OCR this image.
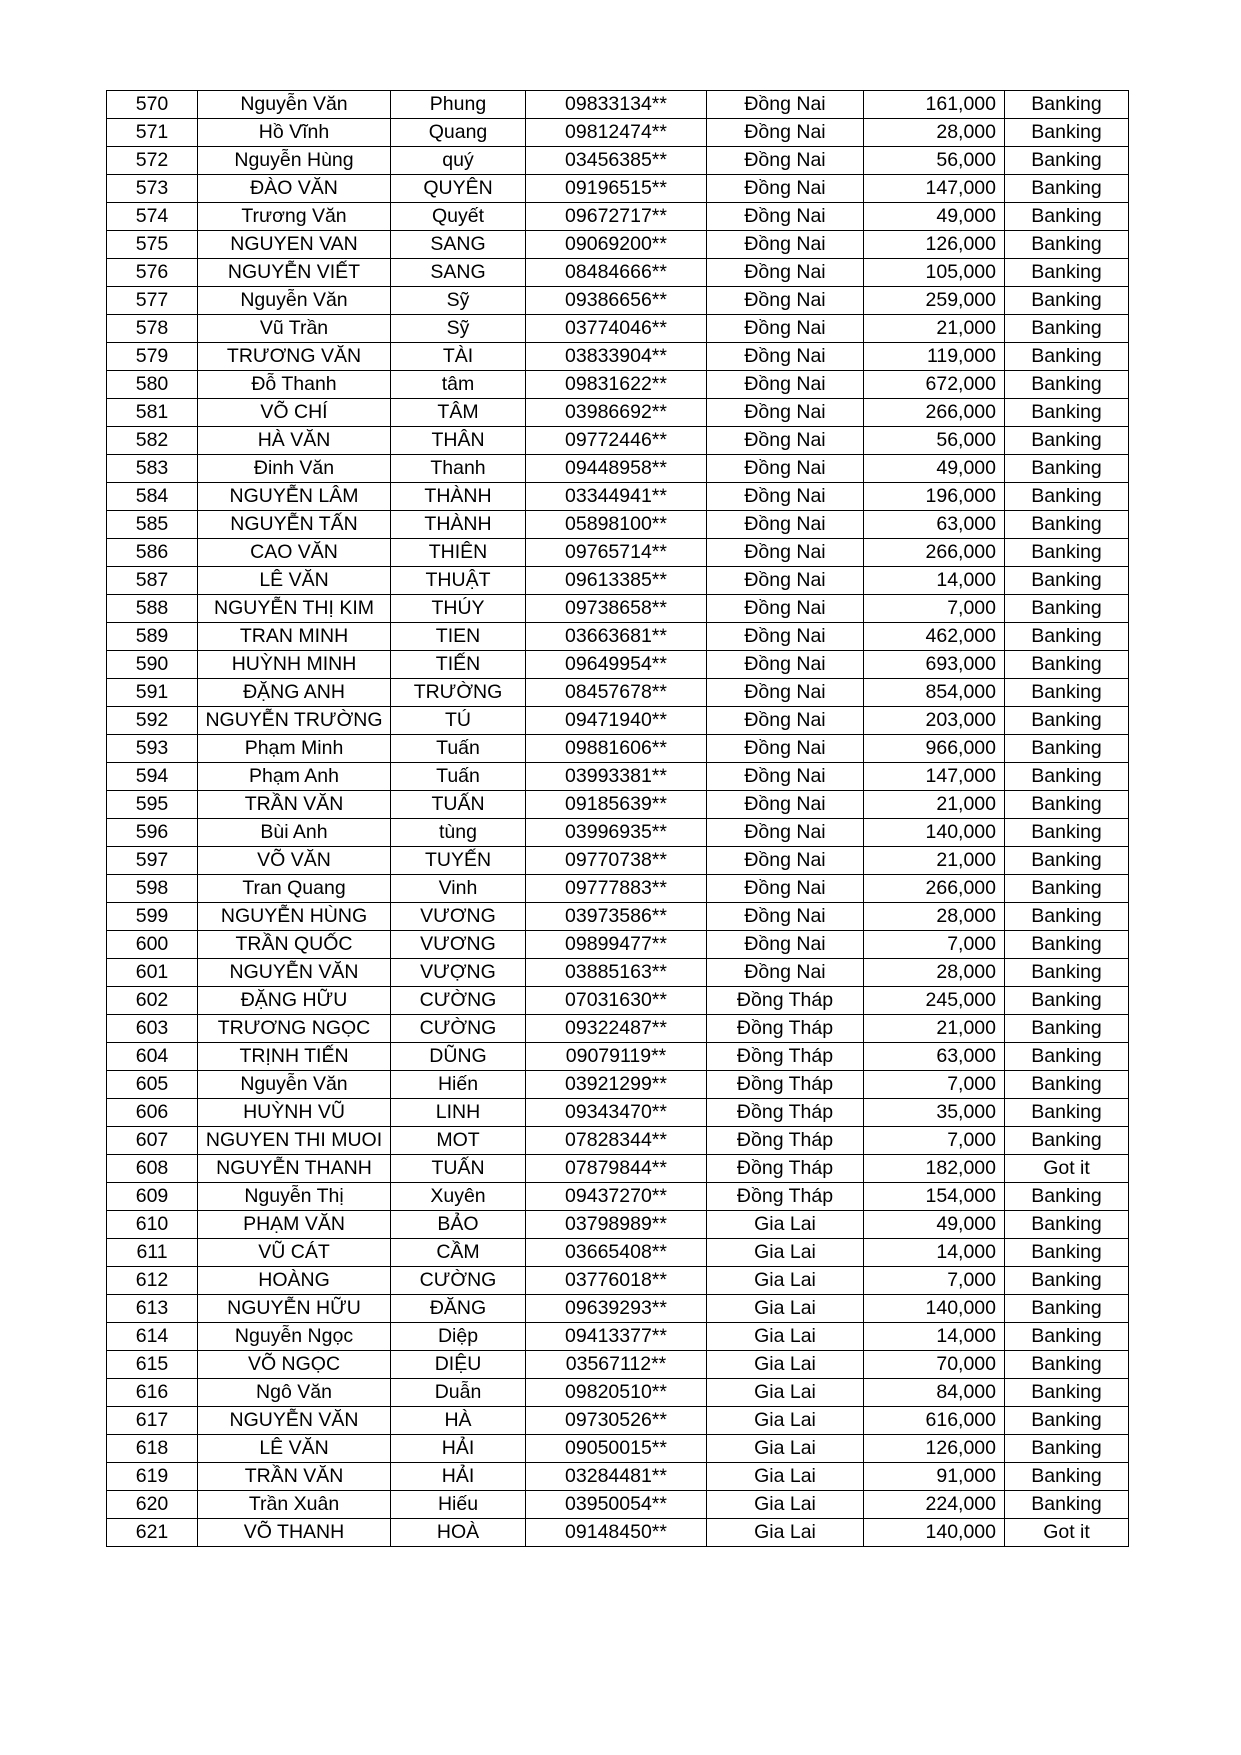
570	Nguyễn Văn	Phung	09833134**	Đồng Nai	161,000	Banking
571	Hồ Vĩnh	Quang	09812474**	Đồng Nai	28,000	Banking
572	Nguyễn Hùng	quý	03456385**	Đồng Nai	56,000	Banking
573	ĐÀO VĂN	QUYÊN	09196515**	Đồng Nai	147,000	Banking
574	Trương Văn	Quyết	09672717**	Đồng Nai	49,000	Banking
575	NGUYEN VAN	SANG	09069200**	Đồng Nai	126,000	Banking
576	NGUYỄN VIẾT	SANG	08484666**	Đồng Nai	105,000	Banking
577	Nguyễn Văn	Sỹ	09386656**	Đồng Nai	259,000	Banking
578	Vũ Trần	Sỹ	03774046**	Đồng Nai	21,000	Banking
579	TRƯƠNG VĂN	TÀI	03833904**	Đồng Nai	119,000	Banking
580	Đỗ Thanh	tâm	09831622**	Đồng Nai	672,000	Banking
581	VÕ CHÍ	TÂM	03986692**	Đồng Nai	266,000	Banking
582	HÀ VĂN	THÂN	09772446**	Đồng Nai	56,000	Banking
583	Đinh Văn	Thanh	09448958**	Đồng Nai	49,000	Banking
584	NGUYỄN LÂM	THÀNH	03344941**	Đồng Nai	196,000	Banking
585	NGUYỄN TẤN	THÀNH	05898100**	Đồng Nai	63,000	Banking
586	CAO VĂN	THIÊN	09765714**	Đồng Nai	266,000	Banking
587	LÊ VĂN	THUẬT	09613385**	Đồng Nai	14,000	Banking
588	NGUYỄN THỊ KIM	THÚY	09738658**	Đồng Nai	7,000	Banking
589	TRAN MINH	TIEN	03663681**	Đồng Nai	462,000	Banking
590	HUỲNH MINH	TIẾN	09649954**	Đồng Nai	693,000	Banking
591	ĐẶNG ANH	TRƯỜNG	08457678**	Đồng Nai	854,000	Banking
592	NGUYỄN TRƯỜNG	TÚ	09471940**	Đồng Nai	203,000	Banking
593	Phạm Minh	Tuấn	09881606**	Đồng Nai	966,000	Banking
594	Phạm Anh	Tuấn	03993381**	Đồng Nai	147,000	Banking
595	TRẦN VĂN	TUẤN	09185639**	Đồng Nai	21,000	Banking
596	Bùi Anh	tùng	03996935**	Đồng Nai	140,000	Banking
597	VÕ VĂN	TUYẾN	09770738**	Đồng Nai	21,000	Banking
598	Tran Quang	Vinh	09777883**	Đồng Nai	266,000	Banking
599	NGUYỄN HÙNG	VƯƠNG	03973586**	Đồng Nai	28,000	Banking
600	TRẦN QUỐC	VƯƠNG	09899477**	Đồng Nai	7,000	Banking
601	NGUYỄN VĂN	VƯỢNG	03885163**	Đồng Nai	28,000	Banking
602	ĐẶNG HỮU	CƯỜNG	07031630**	Đồng Tháp	245,000	Banking
603	TRƯƠNG NGỌC	CƯỜNG	09322487**	Đồng Tháp	21,000	Banking
604	TRỊNH TIẾN	DŨNG	09079119**	Đồng Tháp	63,000	Banking
605	Nguyễn Văn	Hiến	03921299**	Đồng Tháp	7,000	Banking
606	HUỲNH VŨ	LINH	09343470**	Đồng Tháp	35,000	Banking
607	NGUYEN THI MUOI	MOT	07828344**	Đồng Tháp	7,000	Banking
608	NGUYỄN THANH	TUẤN	07879844**	Đồng Tháp	182,000	Got it
609	Nguyễn Thị	Xuyên	09437270**	Đồng Tháp	154,000	Banking
610	PHẠM VĂN	BẢO	03798989**	Gia Lai	49,000	Banking
611	VŨ CÁT	CẦM	03665408**	Gia Lai	14,000	Banking
612	HOÀNG	CƯỜNG	03776018**	Gia Lai	7,000	Banking
613	NGUYỄN HỮU	ĐĂNG	09639293**	Gia Lai	140,000	Banking
614	Nguyễn Ngọc	Diệp	09413377**	Gia Lai	14,000	Banking
615	VÕ NGỌC	DIỆU	03567112**	Gia Lai	70,000	Banking
616	Ngô Văn	Duẫn	09820510**	Gia Lai	84,000	Banking
617	NGUYỄN VĂN	HÀ	09730526**	Gia Lai	616,000	Banking
618	LÊ VĂN	HẢI	09050015**	Gia Lai	126,000	Banking
619	TRẦN VĂN	HẢI	03284481**	Gia Lai	91,000	Banking
620	Trần Xuân	Hiếu	03950054**	Gia Lai	224,000	Banking
621	VÕ THANH	HOÀ	09148450**	Gia Lai	140,000	Got it
